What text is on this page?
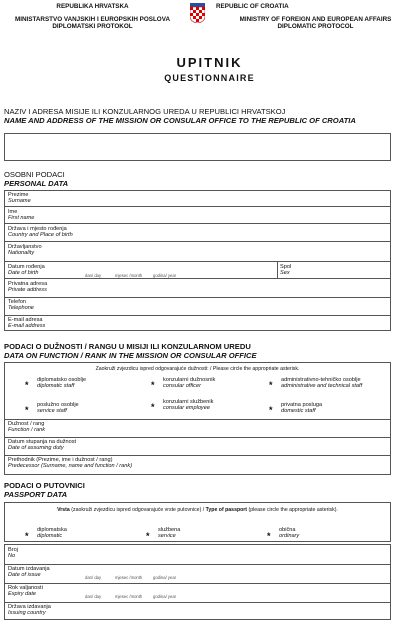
REPUBLIKA HRVATSKA
MINISTARSTVO VANJSKIH I EUROPSKIH POSLOVA
DIPLOMATSKI PROTOKOL
REPUBLIC OF CROATIA
MINISTRY OF FOREIGN AND EUROPEAN AFFAIRS
DIPLOMATIC PROTOCOL
UPITNIK
QUESTIONNAIRE
NAZIV I ADRESA MISIJE ILI KONZULARNOG UREDA U REPUBLICI HRVATSKOJ
NAME AND ADDRESS OF THE MISSION OR CONSULAR OFFICE TO THE REPUBLIC OF CROATIA
OSOBNI PODACI
PERSONAL DATA
Prezime
Surname
Ime
First name
Država i mjesto rođenja
Country and Place of birth
Državljanstvo
Nationality
Datum rođenja
Date of birth	dan/ day	mjesec /month	godina/ year
Spol
Sex
Privatna adresa
Private address
Telefon
Telephone
E-mail adresa
E-mail address
PODACI O DUŽNOSTI / RANGU U MISIJI ILI KONZULARNOM UREDU
DATA ON FUNCTION / RANK IN THE MISSION OR CONSULAR OFFICE
Zaokruži zvjezdicu ispred odgovarajuće dužnosti: / Please circle the appropriate asterisk.
* diplomatsko osoblje
diplomatic staff	* konzularni dužnosnik
consular officer	* administrativno-tehničko osoblje
administrative and technical staff
* poslužno osoblje
service staff	* konzularni službenik
consular employee	* privatna posluga
domestic staff
Dužnost / rang
Function / rank
Datum stupanja na dužnost
Date of assuming duty
Prethodnik (Prezime, ime i dužnost / rang)
Predecessor (Surname, name and function / rank)
PODACI O PUTOVNICI
PASSPORT DATA
Vrsta (zaokruži zvjezdicu ispred odgovarajuće vrste putovnice) / Type of passport (please circle the appropriate asterisk).
*
diplomatska
diplomatic	*
službena
service	*
obična
ordinary
Broj
No
Datum izdavanja
Date of issue	dan/ day	mjesec /month	godina/ year
Rok valjanosti
Expiry date	dan/ day	mjesec /month	godina/ year
Država izdavanja
Issuing country
